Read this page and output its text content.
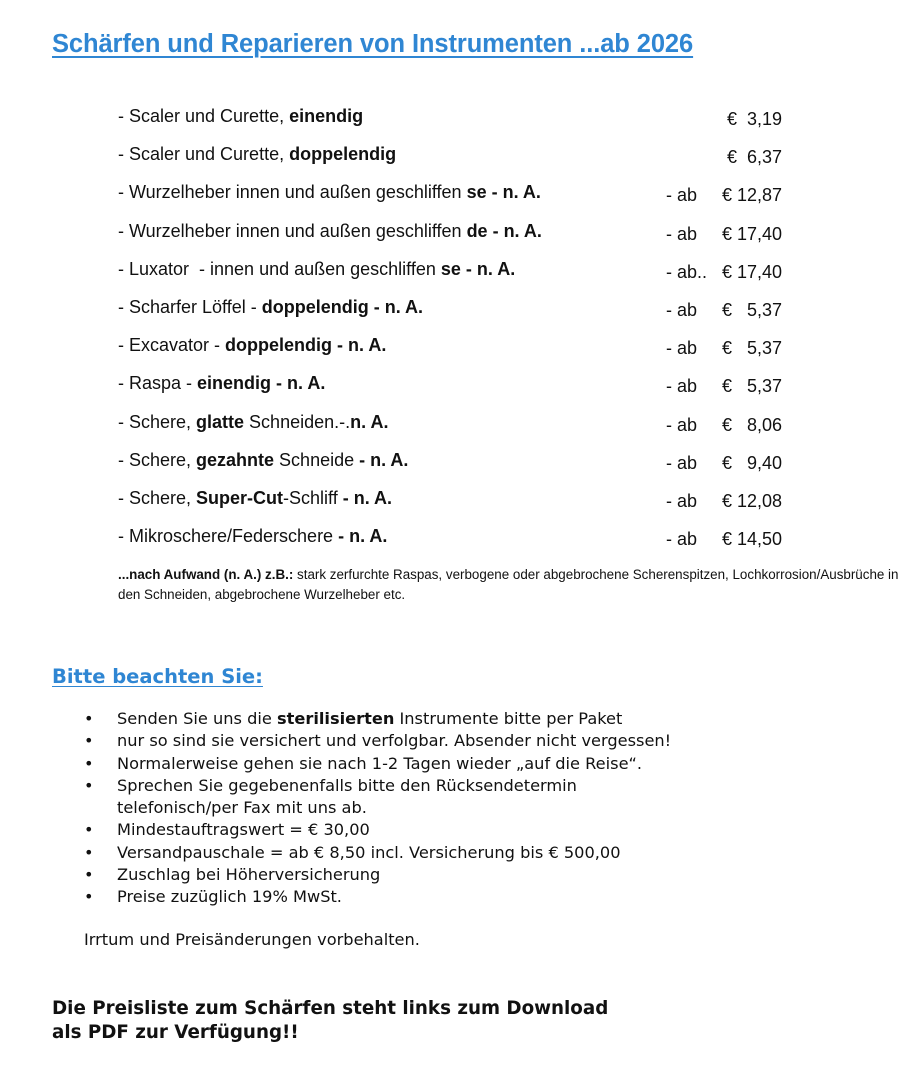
Schärfen und Reparieren von Instrumenten ...ab 2026
- Scaler und Curette, einendig	€  3,19
- Scaler und Curette, doppelendig	€  6,37
- Wurzelheber innen und außen geschliffen se - n. A.	- ab € 12,87
- Wurzelheber innen und außen geschliffen de - n. A.	- ab € 17,40
- Luxator  - innen und außen geschliffen se - n. A.	- ab.. € 17,40
- Scharfer Löffel - doppelendig - n. A.	- ab €   5,37
- Excavator - doppelendig - n. A.	- ab €   5,37
- Raspa - einendig - n. A.	- ab €   5,37
- Schere, glatte Schneiden.-.n. A.	- ab €   8,06
- Schere, gezahnte Schneide - n. A.	- ab €   9,40
- Schere, Super-Cut-Schliff - n. A.	- ab € 12,08
- Mikroschere/Federschere - n. A.	- ab € 14,50
...nach Aufwand (n. A.) z.B.: stark zerfurchte Raspas, verbogene oder abgebrochene Scherenspitzen, Lochkorrosion/Ausbrüche in den Schneiden, abgebrochene Wurzelheber etc.
Bitte beachten Sie:
• Senden Sie uns die sterilisierten Instrumente bitte per Paket
• nur so sind sie versichert und verfolgbar. Absender nicht vergessen!
• Normalerweise gehen sie nach 1-2 Tagen wieder „auf die Reise“.
• Sprechen Sie gegebenenfalls bitte den Rücksendetermin telefonisch/per Fax mit uns ab.
• Mindestauftragswert = € 30,00
• Versandpauschale = ab € 8,50 incl. Versicherung bis € 500,00
• Zuschlag bei Höherversicherung
• Preise zuzüglich 19% MwSt.
Irrtum und Preisänderungen vorbehalten.
Die Preisliste zum Schärfen steht links zum Download
als PDF zur Verfügung!!
